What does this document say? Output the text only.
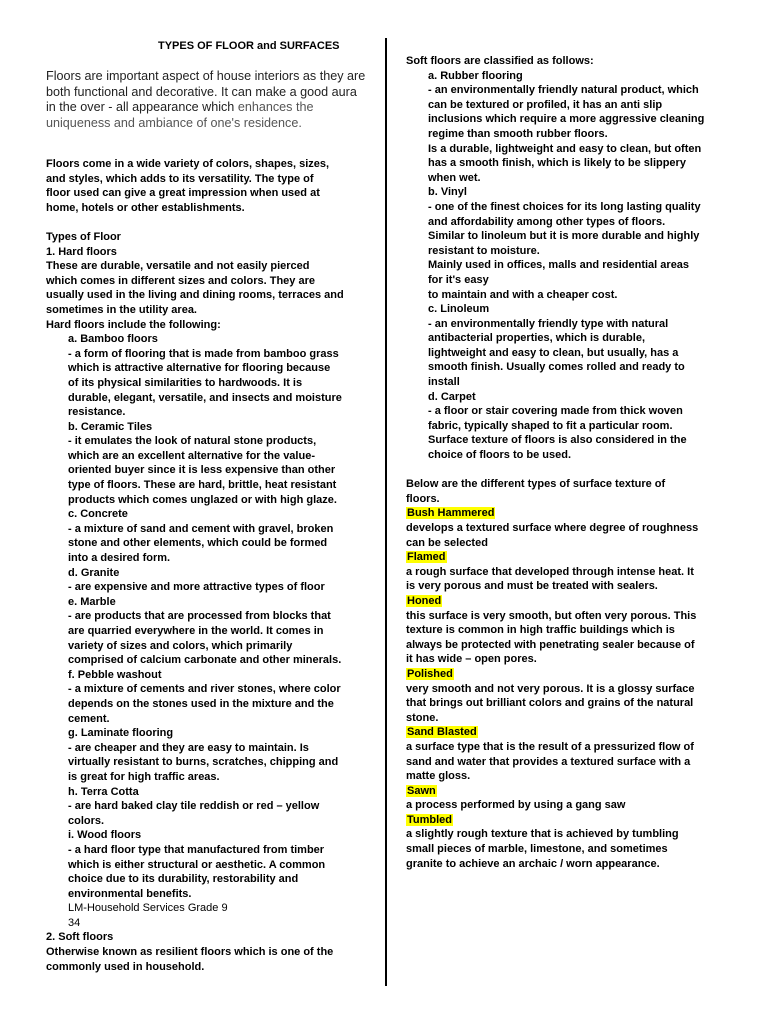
TYPES OF FLOOR and SURFACES
Floors are important aspect of house interiors as they are both functional and decorative. It can make a good aura in the over - all appearance which enhances the uniqueness and ambiance of one's residence.
Floors come in a wide variety of colors, shapes, sizes,
and styles, which adds to its versatility. The type of
floor used can give a great impression when used at
home, hotels or other establishments.
Types of Floor
1. Hard floors
These are durable, versatile and not easily pierced
which comes in different sizes and colors. They are
usually used in the living and dining rooms, terraces and
sometimes in the utility area.
Hard floors include the following:
a. Bamboo floors
- a form of flooring that is made from bamboo grass
which is attractive alternative for flooring because
of its physical similarities to hardwoods. It is
durable, elegant, versatile, and insects and moisture
resistance.
b. Ceramic Tiles
- it emulates the look of natural stone products,
which are an excellent alternative for the value-
oriented buyer since it is less expensive than other
type of floors. These are hard, brittle, heat resistant
products which comes unglazed or with high glaze.
c. Concrete
- a mixture of sand and cement with gravel, broken
stone and other elements, which could be formed
into a desired form.
d. Granite
- are expensive and more attractive types of floor
e. Marble
- are products that are processed from blocks that
are quarried everywhere in the world. It comes in
variety of sizes and colors, which primarily
comprised of calcium carbonate and other minerals.
f. Pebble washout
- a mixture of cements and river stones, where color
depends on the stones used in the mixture and the
cement.
g. Laminate flooring
- are cheaper and they are easy to maintain. Is
virtually resistant to burns, scratches, chipping and
is great for high traffic areas.
h. Terra Cotta
- are hard baked clay tile reddish or red – yellow
colors.
i. Wood floors
- a hard floor type that manufactured from timber
which is either structural or aesthetic. A common
choice due to its durability, restorability and
environmental benefits.
LM-Household Services Grade 9
34
2. Soft floors
Otherwise known as resilient floors which is one of the
commonly used in household.
Soft floors are classified as follows:
a. Rubber flooring
- an environmentally friendly natural product, which
can be textured or profiled, it has an anti slip
inclusions which require a more aggressive cleaning
regime than smooth rubber floors.
Is a durable, lightweight and easy to clean, but often
has a smooth finish, which is likely to be slippery
when wet.
b. Vinyl
- one of the finest choices for its long lasting quality
and affordability among other types of floors.
Similar to linoleum but it is more durable and highly
resistant to moisture.
Mainly used in offices, malls and residential areas
for it's easy
to maintain and with a cheaper cost.
c. Linoleum
- an environmentally friendly type with natural
antibacterial properties, which is durable,
lightweight and easy to clean, but usually, has a
smooth finish. Usually comes rolled and ready to
install
d. Carpet
- a floor or stair covering made from thick woven
fabric, typically shaped to fit a particular room.
Surface texture of floors is also considered in the
choice of floors to be used.
Below are the different types of surface texture of
floors.
Bush Hammered
develops a textured surface where degree of roughness
can be selected
Flamed
a rough surface that developed through intense heat. It
is very porous and must be treated with sealers.
Honed
this surface is very smooth, but often very porous. This
texture is common in high traffic buildings which is
always be protected with penetrating sealer because of
it has wide – open pores.
Polished
very smooth and not very porous. It is a glossy surface
that brings out brilliant colors and grains of the natural
stone.
Sand Blasted
a surface type that is the result of a pressurized flow of
sand and water that provides a textured surface with a
matte gloss.
Sawn
a process performed by using a gang saw
Tumbled
a slightly rough texture that is achieved by tumbling
small pieces of marble, limestone, and sometimes
granite to achieve an archaic / worn appearance.
